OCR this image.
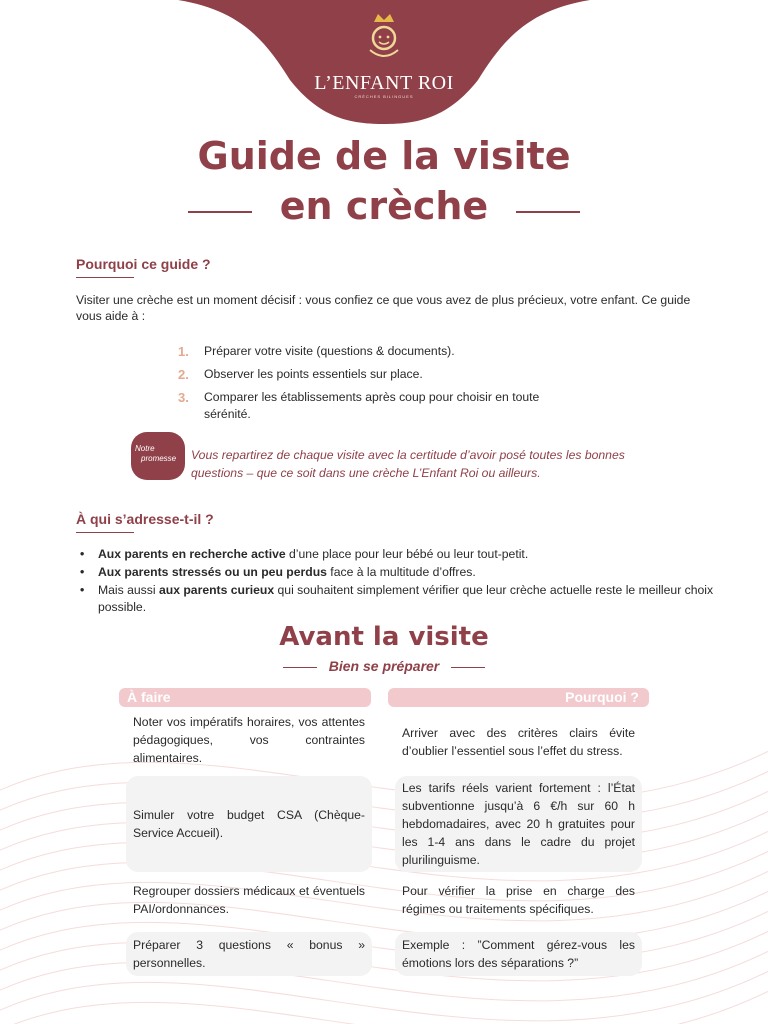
L’ENFANT ROI
CRÈCHES BILINGUES
Guide de la visite
en crèche
Pourquoi ce guide ?
Visiter une crèche est un moment décisif : vous confiez ce que vous avez de plus précieux, votre enfant. Ce guide vous aide à :
1. Préparer votre visite (questions & documents).
2. Observer les points essentiels sur place.
3. Comparer les établissements après coup pour choisir en toute sérénité.
Notre
promesse	Vous repartirez de chaque visite avec la certitude d’avoir posé toutes les bonnes questions – que ce soit dans une crèche L’Enfant Roi ou ailleurs.
À qui s’adresse-t-il ?
• Aux parents en recherche active d’une place pour leur bébé ou leur tout-petit.
• Aux parents stressés ou un peu perdus face à la multitude d’offres.
• Mais aussi aux parents curieux qui souhaitent simplement vérifier que leur crèche actuelle reste le meilleur choix possible.
Avant la visite
Bien se préparer
À faire	Pourquoi ?
Noter vos impératifs horaires, vos attentes pédagogiques, vos contraintes alimentaires.
Arriver avec des critères clairs évite d’oublier l’essentiel sous l’effet du stress.
Simuler votre budget CSA (Chèque-Service Accueil).
Les tarifs réels varient fortement : l’État subventionne jusqu’à 6 €/h sur 60 h hebdomadaires, avec 20 h gratuites pour les 1-4 ans dans le cadre du projet plurilinguisme.
Regrouper dossiers médicaux et éventuels PAI/ordonnances.
Pour vérifier la prise en charge des régimes ou traitements spécifiques.
Préparer 3 questions « bonus » personnelles.
Exemple : ”Comment gérez-vous les émotions lors des séparations ?”
